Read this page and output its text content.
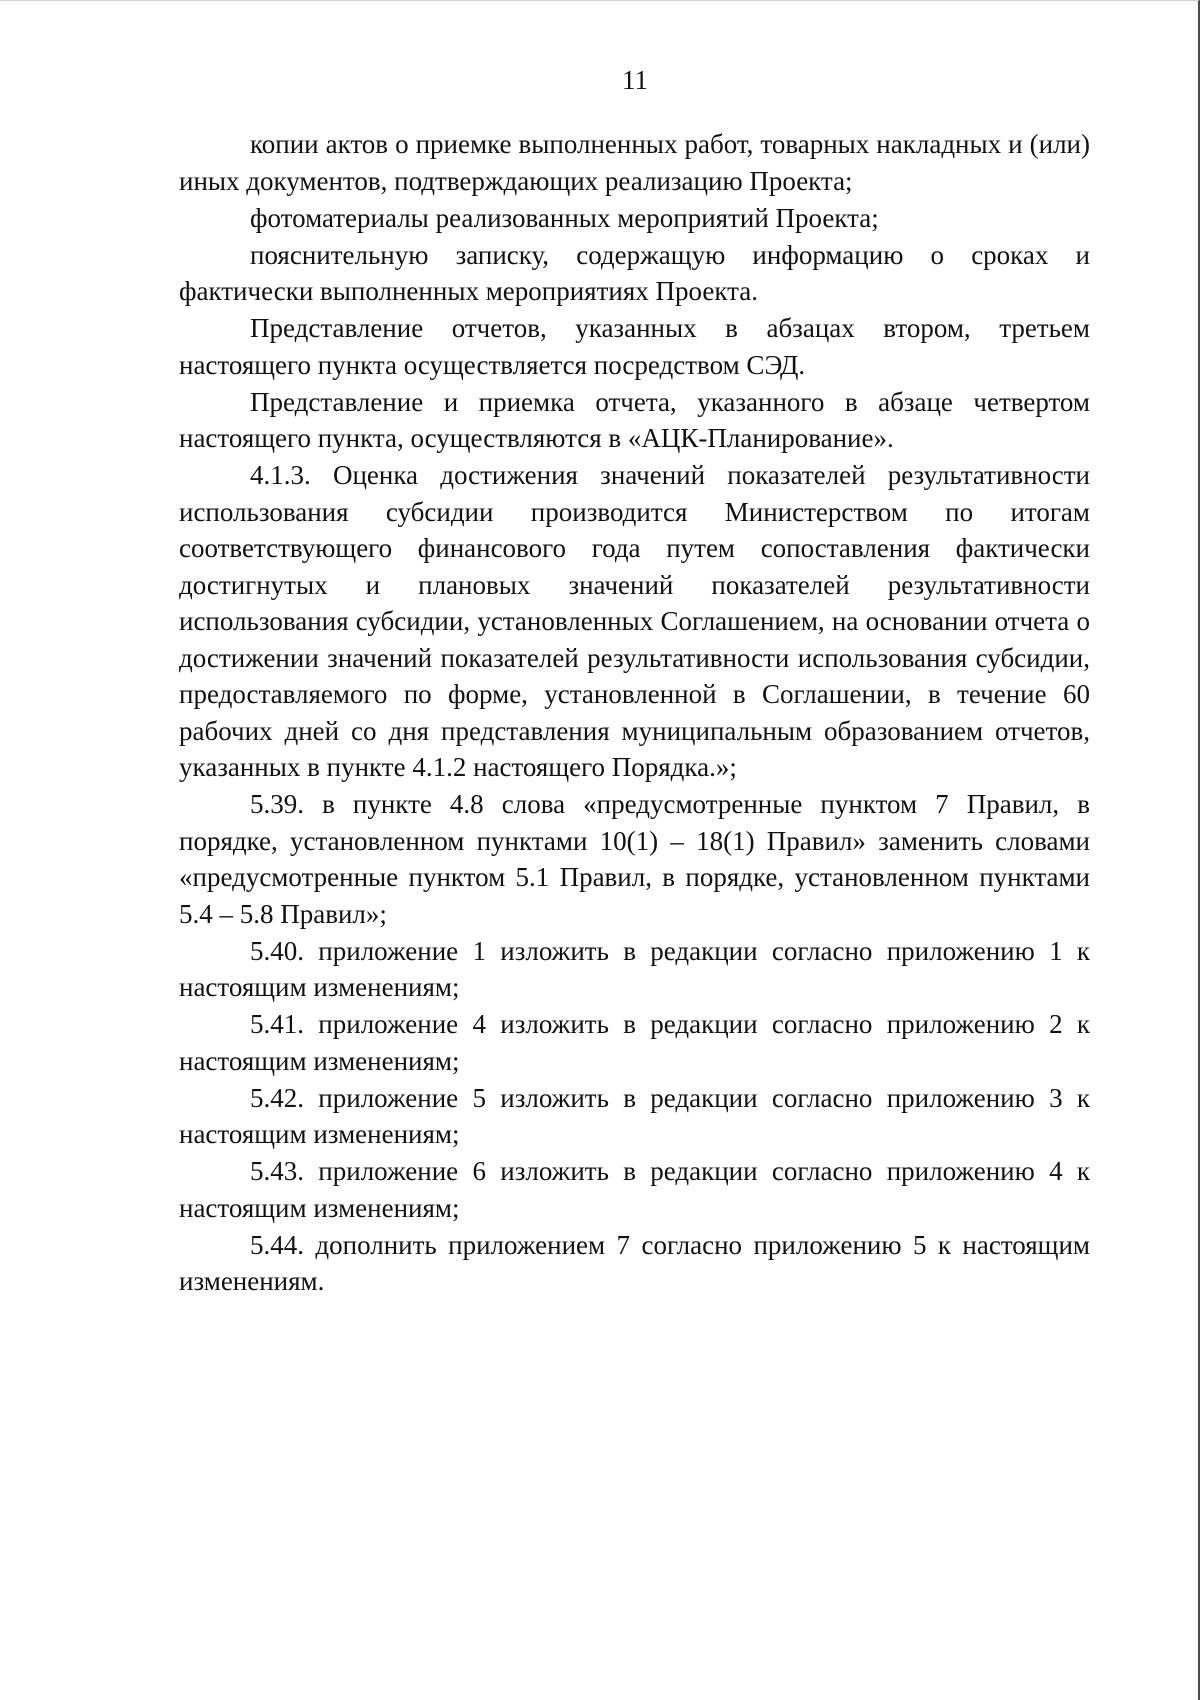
11

копии актов о приемке выполненных работ, товарных накладных и (или) иных документов, подтверждающих реализацию Проекта;

фотоматериалы реализованных мероприятий Проекта;

пояснительную записку, содержащую информацию о сроках и фактически выполненных мероприятиях Проекта.

Представление отчетов, указанных в абзацах втором, третьем настоящего пункта осуществляется посредством СЭД.

Представление и приемка отчета, указанного в абзаце четвертом настоящего пункта, осуществляются в «АЦК-Планирование».

4.1.3. Оценка достижения значений показателей результативности использования субсидии производится Министерством по итогам соответствующего финансового года путем сопоставления фактически достигнутых и плановых значений показателей результативности использования субсидии, установленных Соглашением, на основании отчета о достижении значений показателей результативности использования субсидии, предоставляемого по форме, установленной в Соглашении, в течение 60 рабочих дней со дня представления муниципальным образованием отчетов, указанных в пункте 4.1.2 настоящего Порядка.»;

5.39. в пункте 4.8 слова «предусмотренные пунктом 7 Правил, в порядке, установленном пунктами 10(1) – 18(1) Правил» заменить словами «предусмотренные пунктом 5.1 Правил, в порядке, установленном пунктами 5.4 – 5.8 Правил»;

5.40. приложение 1 изложить в редакции согласно приложению 1 к настоящим изменениям;

5.41. приложение 4 изложить в редакции согласно приложению 2 к настоящим изменениям;

5.42. приложение 5 изложить в редакции согласно приложению 3 к настоящим изменениям;

5.43. приложение 6 изложить в редакции согласно приложению 4 к настоящим изменениям;

5.44. дополнить приложением 7 согласно приложению 5 к настоящим изменениям.
